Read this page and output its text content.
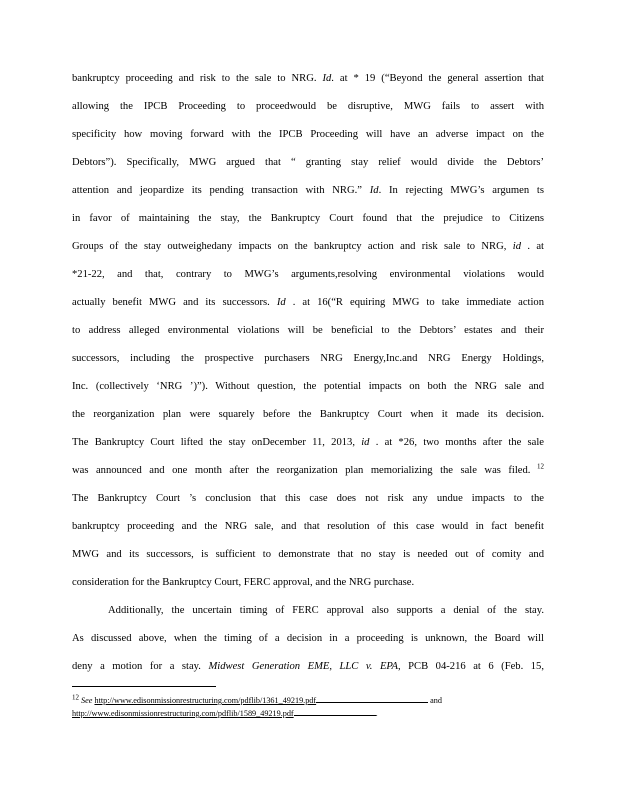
bankruptcy proceeding and risk to the sale to NRG. Id. at * 19 (“Beyond the general assertion that
allowing the IPCB Proceeding to proceedwould be disruptive, MWG fails to assert with
specificity how moving forward with the IPCB Proceeding will have an adverse impact on the
Debtors”). Specifically, MWG argued that “ granting stay relief would divide the Debtors’
attention and jeopardize its pending transaction with NRG.” Id. In rejecting MWG’s argumen ts
in favor of maintaining the stay, the Bankruptcy Court found that the prejudice to Citizens
Groups of the stay outweighedany impacts on the bankruptcy action and risk sale to NRG, id . at
*21-22, and that, contrary to MWG’s arguments,resolving environmental violations would
actually benefit MWG and its successors. Id . at 16(“R equiring MWG to take immediate action
to address alleged environmental violations will be beneficial to the Debtors’ estates and their
successors, including the prospective purchasers NRG Energy,Inc.and NRG Energy Holdings,
Inc. (collectively ‘NRG ’)”). Without question, the potential impacts on both the NRG sale and
the reorganization plan were squarely before the Bankruptcy Court when it made its decision.
The Bankruptcy Court lifted the stay onDecember 11, 2013, id . at *26, two months after the sale
was announced and one month after the reorganization plan memorializing the sale was filed. $^{12}$
The Bankruptcy Court ’s conclusion that this case does not risk any undue impacts to the
bankruptcy proceeding and the NRG sale, and that resolution of this case would in fact benefit
MWG and its successors, is sufficient to demonstrate that no stay is needed out of comity and
consideration for the Bankruptcy Court, FERC approval, and the NRG purchase.
Additionally, the uncertain timing of FERC approval also supports a denial of the stay.
As discussed above, when the timing of a decision in a proceeding is unknown, the Board will
deny a motion for a stay. Midwest Generation EME, LLC v. EPA, PCB 04-216 at 6 (Feb. 15,
12 See http://www.edisonmissionrestructuring.com/pdflib/1361_49219.pdf	and
http://www.edisonmissionrestructuring.com/pdflib/1589_49219.pdf	.
